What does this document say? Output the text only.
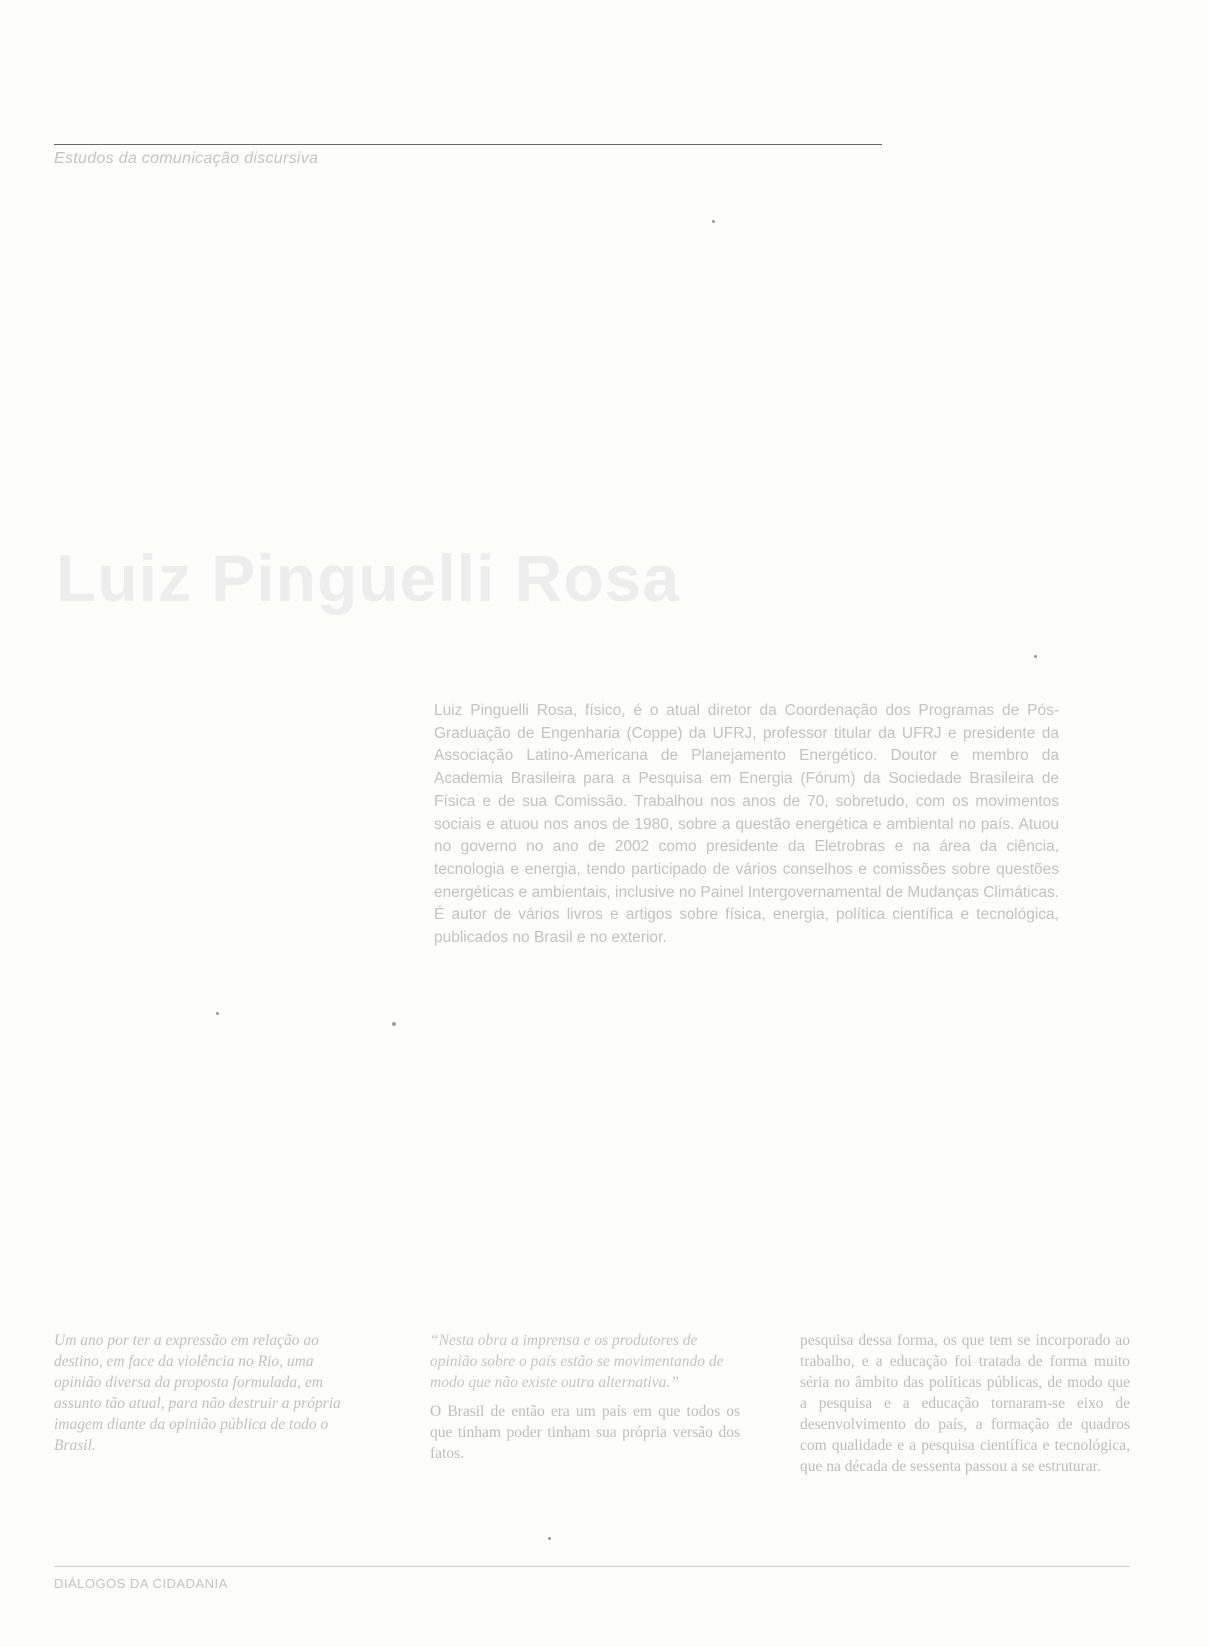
Estudos da comunicação discursiva
Luiz Pinguelli Rosa
Luiz Pinguelli Rosa, físico, é o atual diretor da Coordenação dos Programas de Pós-Graduação de Engenharia (Coppe) da UFRJ, professor titular da UFRJ e presidente da Associação Latino-Americana de Planejamento Energético. Doutor e membro da Academia Brasileira para a Pesquisa em Energia (Fórum) da Sociedade Brasileira de Física e de sua Comissão. Trabalhou nos anos de 70, sobretudo, com os movimentos sociais e atuou nos anos de 1980, sobre a questão energética e ambiental no país. Atuou no governo no ano de 2002 como presidente da Eletrobras e na área da ciência, tecnologia e energia, tendo participado de vários conselhos e comissões sobre questões energéticas e ambientais, inclusive no Painel Intergovernamental de Mudanças Climáticas. É autor de vários livros e artigos sobre física, energia, política científica e tecnológica, publicados no Brasil e no exterior.
Um ano por ter a expressão em relação ao destino, em face da violência no Rio, uma opinião diversa da proposta formulada, em assunto tão atual, para não destruir a própria imagem diante da opinião pública de todo o Brasil.
“Nesta obra a imprensa e os produtores de opinião sobre o país estão se movimentando de modo que não existe outra alternativa.”
O Brasil de então era um país em que todos os que tinham poder tinham sua própria versão dos fatos.
pesquisa dessa forma, os que tem se incorporado ao trabalho, e a educação foi tratada de forma muito séria no âmbito das políticas públicas, de modo que a pesquisa e a educação tornaram-se eixo de desenvolvimento do país, a formação de quadros com qualidade e a pesquisa científica e tecnológica, que na década de sessenta passou a se estruturar.
DIÁLOGOS DA CIDADANIA
